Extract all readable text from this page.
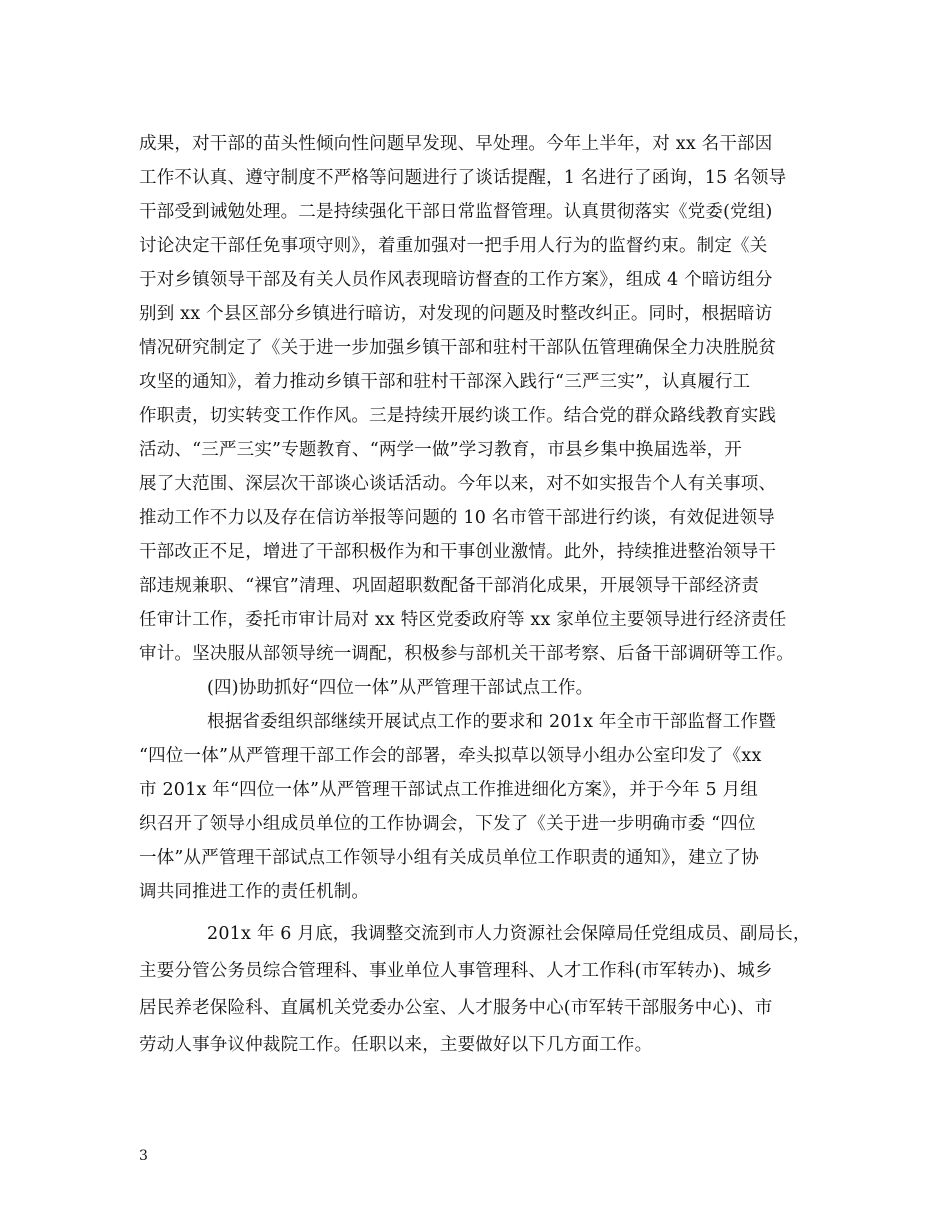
成果，对干部的苗头性倾向性问题早发现、早处理。今年上半年，对 xx 名干部因
工作不认真、遵守制度不严格等问题进行了谈话提醒，1 名进行了函询，15 名领导
干部受到诫勉处理。二是持续强化干部日常监督管理。认真贯彻落实《党委(党组)
讨论决定干部任免事项守则》，着重加强对一把手用人行为的监督约束。制定《关
于对乡镇领导干部及有关人员作风表现暗访督查的工作方案》，组成 4 个暗访组分
别到 xx 个县区部分乡镇进行暗访，对发现的问题及时整改纠正。同时，根据暗访
情况研究制定了《关于进一步加强乡镇干部和驻村干部队伍管理确保全力决胜脱贫
攻坚的通知》，着力推动乡镇干部和驻村干部深入践行“三严三实”，认真履行工
作职责，切实转变工作作风。三是持续开展约谈工作。结合党的群众路线教育实践
活动、“三严三实”专题教育、“两学一做”学习教育，市县乡集中换届选举，开
展了大范围、深层次干部谈心谈话活动。今年以来，对不如实报告个人有关事项、
推动工作不力以及存在信访举报等问题的 10 名市管干部进行约谈，有效促进领导
干部改正不足，增进了干部积极作为和干事创业激情。此外，持续推进整治领导干
部违规兼职、“裸官”清理、巩固超职数配备干部消化成果，开展领导干部经济责
任审计工作，委托市审计局对 xx 特区党委政府等 xx 家单位主要领导进行经济责任
审计。坚决服从部领导统一调配，积极参与部机关干部考察、后备干部调研等工作。
(四)协助抓好“四位一体”从严管理干部试点工作。
根据省委组织部继续开展试点工作的要求和 201x 年全市干部监督工作暨
“四位一体”从严管理干部工作会的部署，牵头拟草以领导小组办公室印发了《xx
市 201x 年“四位一体”从严管理干部试点工作推进细化方案》，并于今年 5 月组
织召开了领导小组成员单位的工作协调会，下发了《关于进一步明确市委 “四位
一体”从严管理干部试点工作领导小组有关成员单位工作职责的通知》，建立了协
调共同推进工作的责任机制。
201x 年 6 月底，我调整交流到市人力资源社会保障局任党组成员、副局长，
主要分管公务员综合管理科、事业单位人事管理科、人才工作科(市军转办)、城乡
居民养老保险科、直属机关党委办公室、人才服务中心(市军转干部服务中心)、市
劳动人事争议仲裁院工作。任职以来，主要做好以下几方面工作。
3
